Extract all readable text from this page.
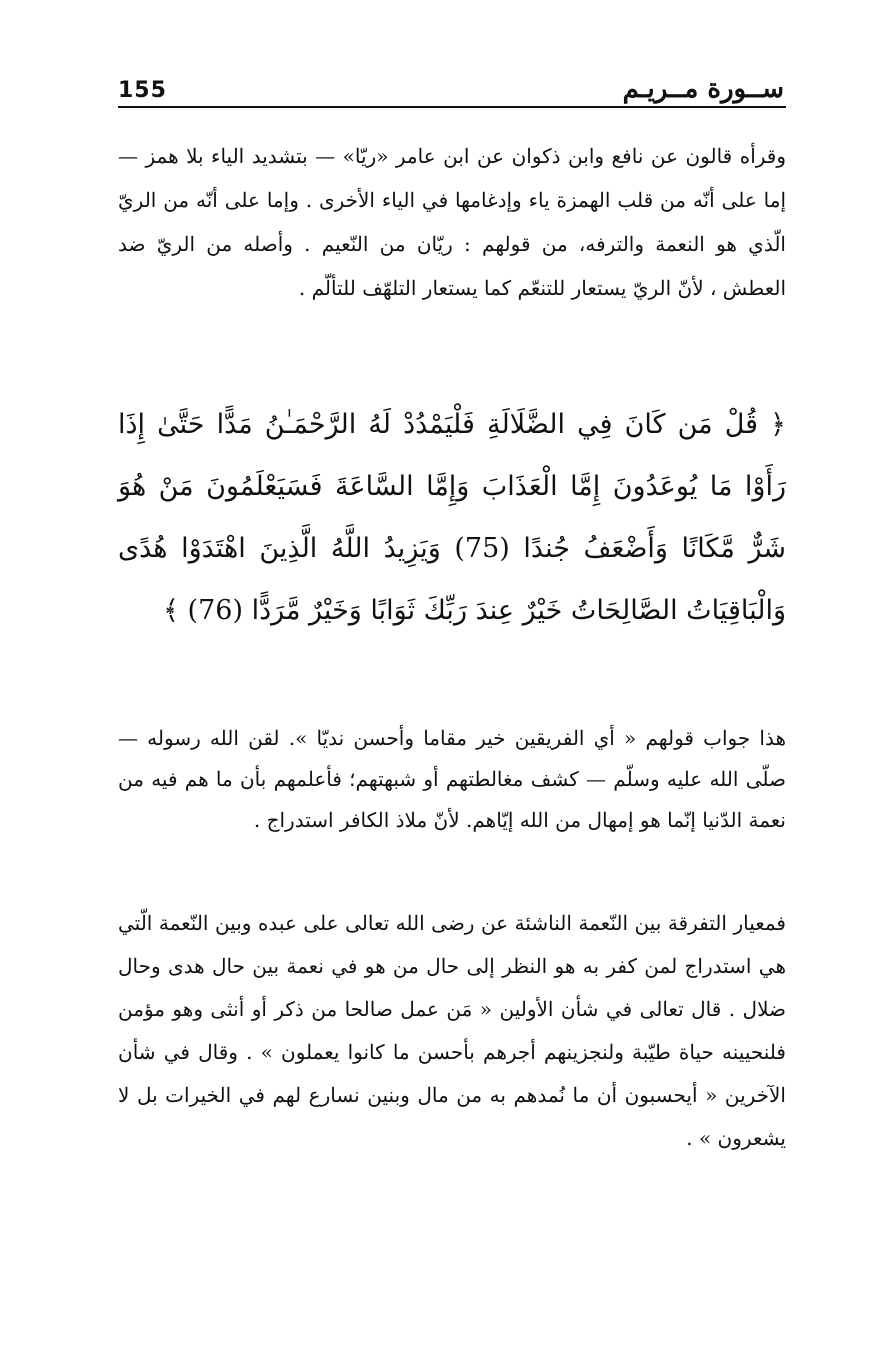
155	ســورة مــريـم

وقرأه قالون عن نافع وابن ذكوان عن ابن عامر «ريّا» — بتشديد الياء بلا همز — إما على أنّه من قلب الهمزة ياء وإدغامها في الياء الأخرى . وإما على أنّه من الريّ الّذي هو النعمة والترفه، من قولهم : ريّان من النّعيم . وأصله من الريّ ضد العطش ، لأنّ الريّ يستعار للتنعّم كما يستعار التلهّف للتألّم .

﴿ قُلْ مَن كَانَ فِي الضَّلَالَةِ فَلْيَمْدُدْ لَهُ الرَّحْمَـٰنُ مَدًّا حَتَّىٰ إِذَا رَأَوْا مَا يُوعَدُونَ إِمَّا الْعَذَابَ وَإِمَّا السَّاعَةَ فَسَيَعْلَمُونَ مَنْ هُوَ شَرٌّ مَّكَانًا وَأَضْعَفُ جُندًا (75) وَيَزِيدُ اللَّهُ الَّذِينَ اهْتَدَوْا هُدًى وَالْبَاقِيَاتُ الصَّالِحَاتُ خَيْرٌ عِندَ رَبِّكَ ثَوَابًا وَخَيْرٌ مَّرَدًّا (76) ﴾

هذا جواب قولهم « أي الفريقين خير مقاما وأحسن نديّا ». لقن الله رسوله — صلّى الله عليه وسلّم — كشف مغالطتهم أو شبهتهم؛ فأعلمهم بأن ما هم فيه من نعمة الدّنيا إنّما هو إمهال من الله إيّاهم. لأنّ ملاذ الكافر استدراج .

فمعيار التفرقة بين النّعمة الناشئة عن رضى الله تعالى على عبده وبين النّعمة الّتي هي استدراج لمن كفر به هو النظر إلى حال من هو في نعمة بين حال هدى وحال ضلال . قال تعالى في شأن الأولين « مَن عمل صالحا من ذكر أو أنثى وهو مؤمن فلنحيينه حياة طيّبة ولنجزينهم أجرهم بأحسن ما كانوا يعملون » . وقال في شأن الآخرين « أيحسبون أن ما نُمدهم به من مال وبنين نسارع لهم في الخيرات بل لا يشعرون » .
